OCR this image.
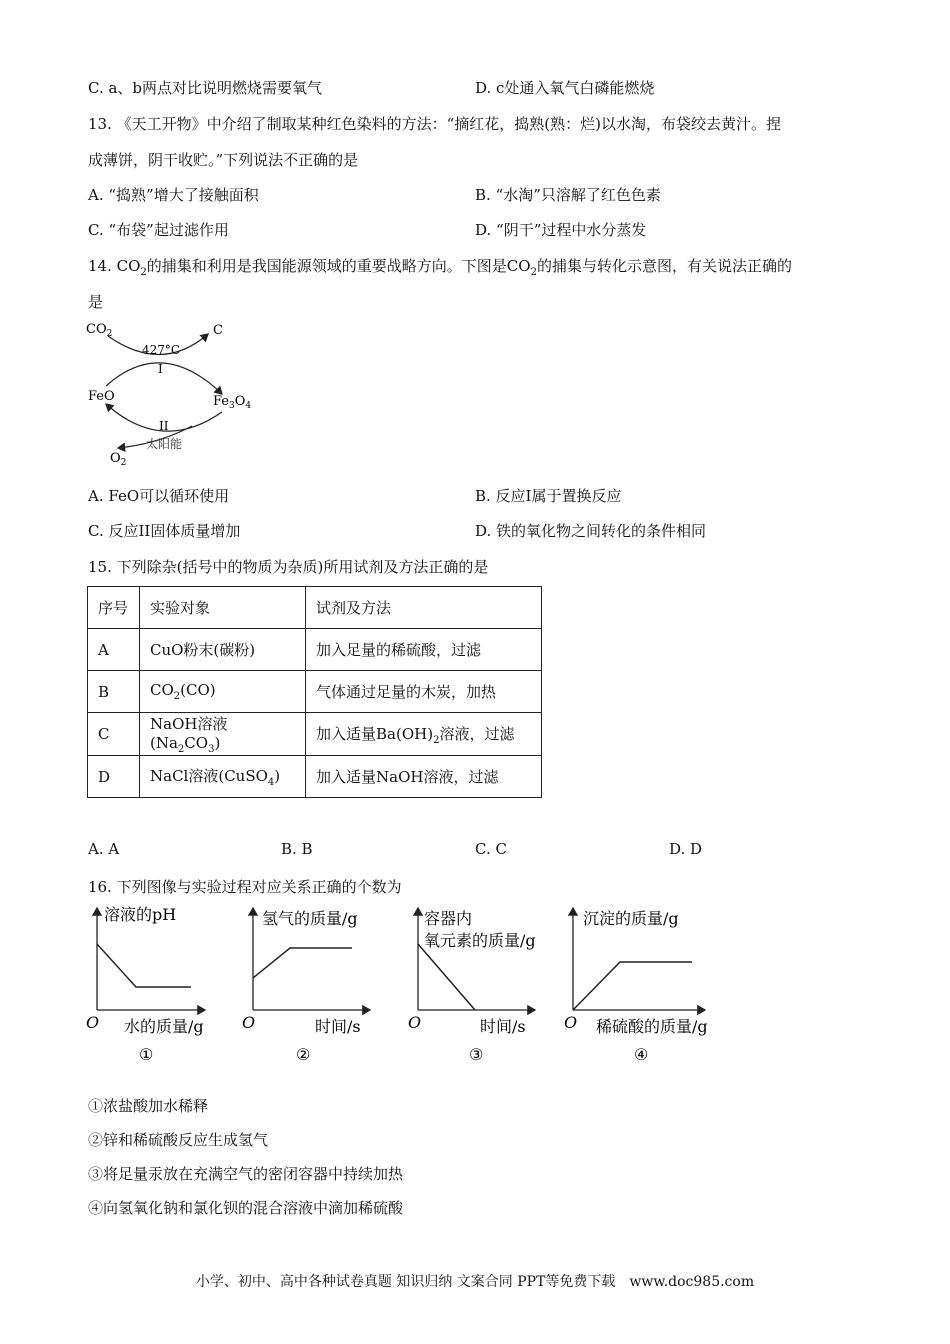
C. a、b两点对比说明燃烧需要氧气	D. c处通入氧气白磷能燃烧
13. 《天工开物》中介绍了制取某种红色染料的方法：“摘红花，捣熟(熟：烂)以水淘，布袋绞去黄汁。捏
成薄饼，阴干收贮。”下列说法不正确的是
A. “捣熟”增大了接触面积	B. “水淘”只溶解了红色色素
C. “布袋”起过滤作用	D. “阴干”过程中水分蒸发
14. $CO_2$的捕集和利用是我国能源领域的重要战略方向。下图是$CO_2$的捕集与转化示意图，有关说法正确的
是
$CO_2$	C
427°C
I
FeO	$Fe_3O_4$
II
太阳能
$O_2$
A. FeO可以循环使用	B. 反应I属于置换反应
C. 反应II固体质量增加	D. 铁的氧化物之间转化的条件相同
15. 下列除杂(括号中的物质为杂质)所用试剂及方法正确的是
序号	实验对象	试剂及方法
A	CuO粉末(碳粉)	加入足量的稀硫酸，过滤
B	$CO_2(CO)$	气体通过足量的木炭，加热
C	NaOH溶液$(Na_2CO_3)$	加入适量$Ba(OH)_2$溶液，过滤
D	NaCl溶液(CuSO$_4$)	加入适量NaOH溶液，过滤
A. A	B. B	C. C	D. D
16. 下列图像与实验过程对应关系正确的个数为
溶液的pH
O 水的质量/g
①
氢气的质量/g
O	时间/s
②
容器内
氧元素的质量/g
O	时间/s
③
沉淀的质量/g
O 稀硫酸的质量/g
④
①浓盐酸加水稀释
②锌和稀硫酸反应生成氢气
③将足量汞放在充满空气的密闭容器中持续加热
④向氢氧化钠和氯化钡的混合溶液中滴加稀硫酸
小学、初中、高中各种试卷真题 知识归纳 文案合同 PPT等免费下载　www.doc985.com
